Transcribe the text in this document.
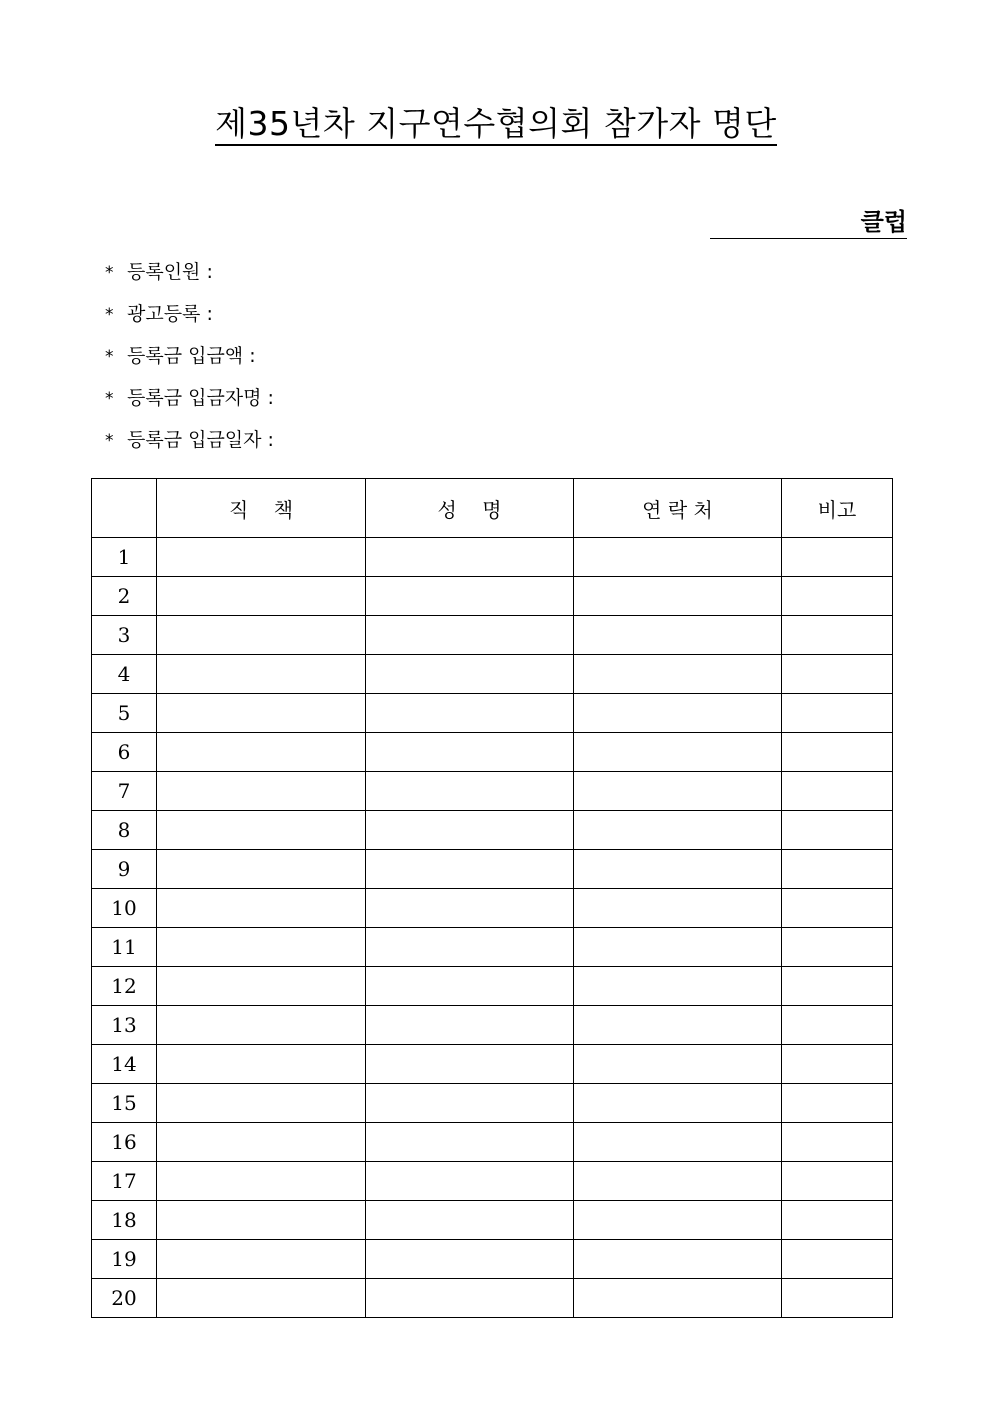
제35년차 지구연수협의회 참가자 명단
클럽
* 등록인원 :
* 광고등록 :
* 등록금 입금액 :
* 등록금 입금자명 :
* 등록금 입금일자 :
	직    책	성    명	연 락 처	비고
1				
2				
3				
4				
5				
6				
7				
8				
9				
10				
11				
12				
13				
14				
15				
16				
17				
18				
19				
20				
